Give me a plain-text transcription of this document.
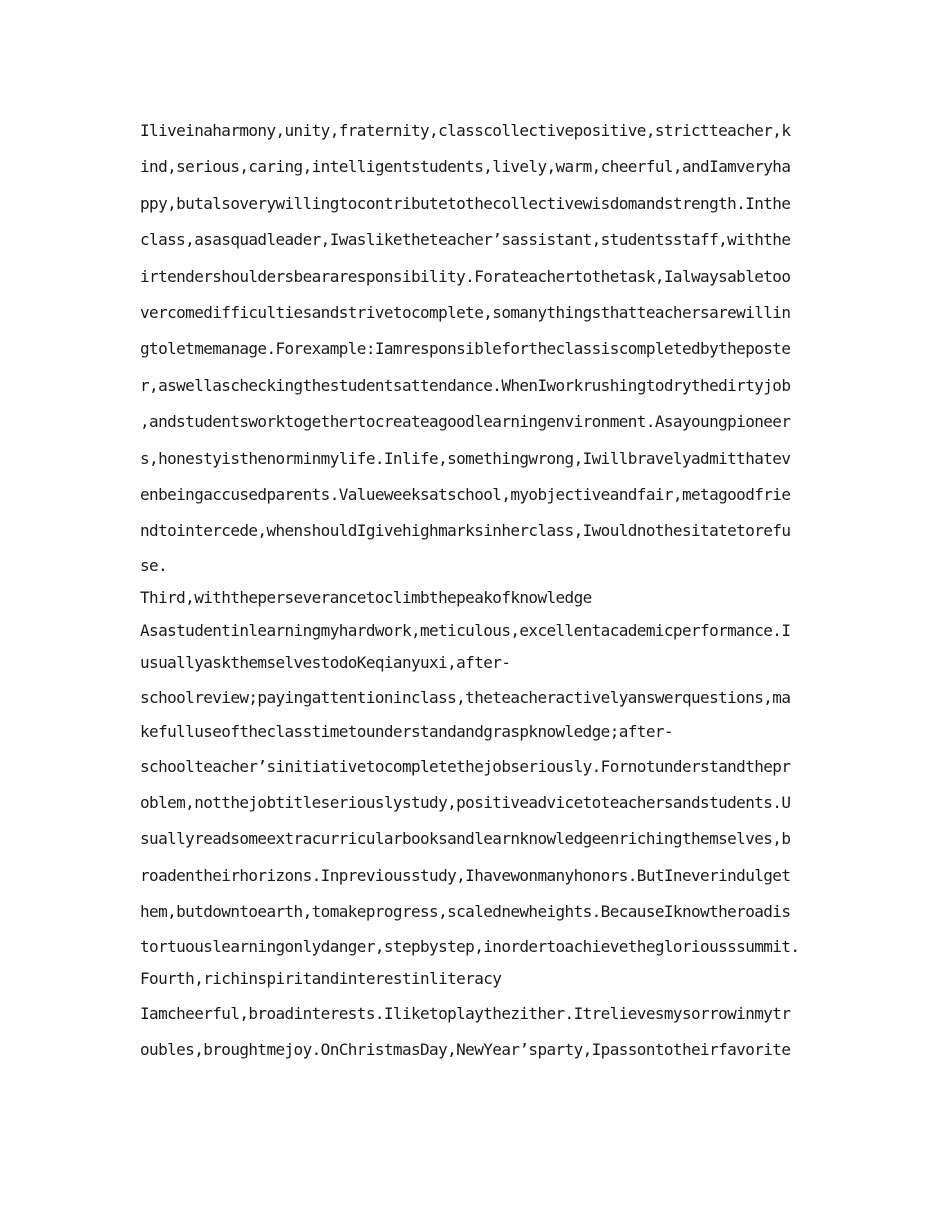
Iliveinaharmony,unity,fraternity,classcollectivepositive,strictteacher,k
ind,serious,caring,intelligentstudents,lively,warm,cheerful,andIamveryha
ppy,butalsoverywillingtocontributetothecollectivewisdomandstrength.Inthe
class,asasquadleader,Iwasliketheteacher’sassistant,studentsstaff,withthe
irtendershouldersbeararesponsibility.Forateachertothetask,Ialwaysabletoo
vercomedifficultiesandstrivetocomplete,somanythingsthatteachersarewillin
gtoletmemanage.Forexample:Iamresponsiblefortheclassiscompletedbytheposte
r,aswellascheckingthestudentsattendance.WhenIworkrushingtodrythedirtyjob
,andstudentsworktogethertocreateagoodlearningenvironment.Asayoungpioneer
s,honestyisthenorminmylife.Inlife,somethingwrong,Iwillbravelyadmitthatev
enbeingaccusedparents.Valueweeksatschool,myobjectiveandfair,metagoodfrie
ndtointercede,whenshouldIgivehighmarksinherclass,Iwouldnothesitatetorefu
se.
Third,withtheperseverancetoclimbthepeakofknowledge
Asastudentinlearningmyhardwork,meticulous,excellentacademicperformance.I
usuallyaskthemselvestodoKeqianyuxi,after-
schoolreview;payingattentioninclass,theteacheractivelyanswerquestions,ma
kefulluseoftheclasstimetounderstandandgraspknowledge;after-
schoolteacher’sinitiativetocompletethejobseriously.Fornotunderstandthepr
oblem,notthejobtitleseriouslystudy,positiveadvicetoteachersandstudents.U
suallyreadsomeextracurricularbooksandlearnknowledgeenrichingthemselves,b
roadentheirhorizons.Inpreviousstudy,Ihavewonmanyhonors.ButIneverindulget
hem,butdowntoearth,tomakeprogress,scalednewheights.BecauseIknowtheroadis
tortuouslearningonlydanger,stepbystep,inordertoachievethegloriousssummit.
Fourth,richinspiritandinterestinliteracy
Iamcheerful,broadinterests.Iliketoplaythezither.Itrelievesmysorrowinmytr
oubles,broughtmejoy.OnChristmasDay,NewYear’sparty,Ipassontotheirfavorite
